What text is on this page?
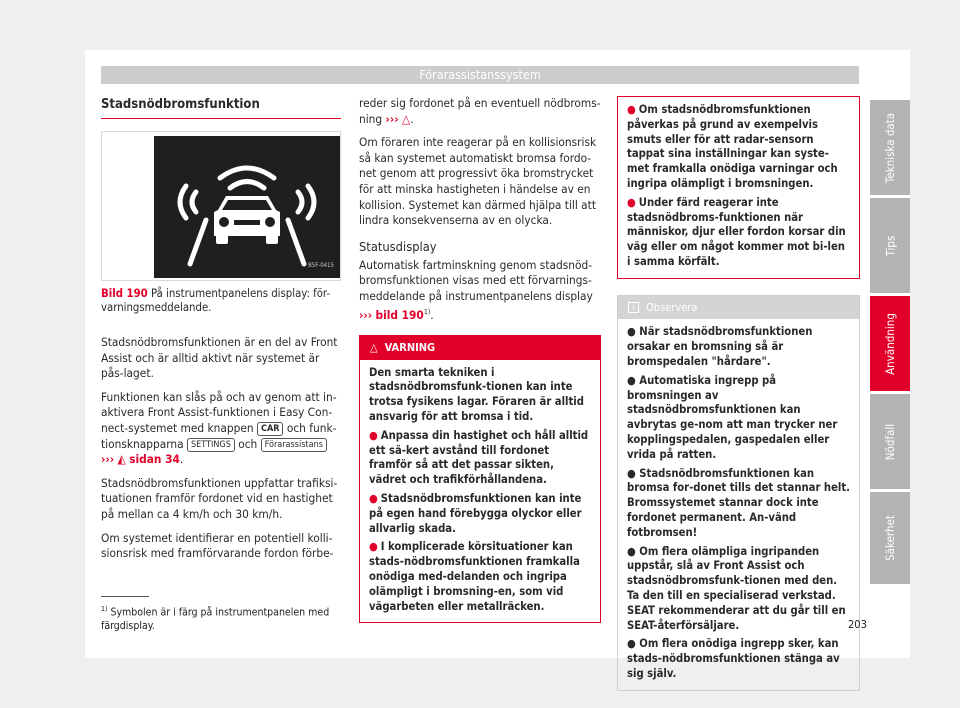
Förarassistanssystem
Stadsnödbromsfunktion
B5F-0415
Bild 190 På instrumentpanelens display: för-varningsmeddelande.

Stadsnödbromsfunktionen är en del av Front Assist och är alltid aktivt när systemet är pås-laget.

Funktionen kan slås på och av genom att in-aktivera Front Assist-funktionen i Easy Con-nect-systemet med knappen CAR och funk-tionsknapparna SETTINGS och Förarassistans
››› ◭ sidan 34.

Stadsnödbromsfunktionen uppfattar trafiksi-tuationen framför fordonet vid en hastighet på mellan ca 4 km/h och 30 km/h.

Om systemet identifierar en potentiell kolli-sionsrisk med framförvarande fordon förbe-

reder sig fordonet på en eventuell nödbroms-ning ››› △.

Om föraren inte reagerar på en kollisionsrisk så kan systemet automatiskt bromsa fordo-net genom att progressivt öka bromstrycket för att minska hastigheten i händelse av en kollision. Systemet kan därmed hjälpa till att lindra konsekvenserna av en olycka.

Statusdisplay
Automatisk fartminskning genom stadsnöd-bromsfunktionen visas med ett förvarnings-meddelande på instrumentpanelens display ››› bild 190$^{1)}$.
△ VARNING
Den smarta tekniken i stadsnödbromsfunk-tionen kan inte trotsa fysikens lagar. Föraren är alltid ansvarig för att bromsa i tid.
● Anpassa din hastighet och håll alltid ett sä-kert avstånd till fordonet framför så att det passar sikten, vädret och trafikförhållandena.
● Stadsnödbromsfunktionen kan inte på egen hand förebygga olyckor eller allvarlig skada.
● I komplicerade körsituationer kan stads-nödbromsfunktionen framkalla onödiga med-delanden och ingripa olämpligt i bromsning-en, som vid vägarbeten eller metallräcken.
● Om stadsnödbromsfunktionen påverkas på grund av exempelvis smuts eller för att radar-sensorn tappat sina inställningar kan syste-met framkalla onödiga varningar och ingripa olämpligt i bromsningen.
● Under färd reagerar inte stadsnödbroms-funktionen när människor, djur eller fordon korsar din väg eller om något kommer mot bi-len i samma körfält.
i	Observera
● När stadsnödbromsfunktionen orsakar en bromsning så är bromspedalen "hårdare".
● Automatiska ingrepp på bromsningen av stadsnödbromsfunktionen kan avbrytas ge-nom att man trycker ner kopplingspedalen, gaspedalen eller vrida på ratten.
● Stadsnödbromsfunktionen kan bromsa for-donet tills det stannar helt. Bromssystemet stannar dock inte fordonet permanent. An-vänd fotbromsen!
● Om flera olämpliga ingripanden uppstår, slå av Front Assist och stadsnödbromsfunk-tionen med den. Ta den till en specialiserad verkstad. SEAT rekommenderar att du går till en SEAT-återförsäljare.
● Om flera onödiga ingrepp sker, kan stads-nödbromsfunktionen stänga av sig själv.
Tekniska data
Tips
Användning
Nödfall
Säkerhet
$^{1)}$ Symbolen är i färg på instrumentpanelen med färgdisplay.	203
